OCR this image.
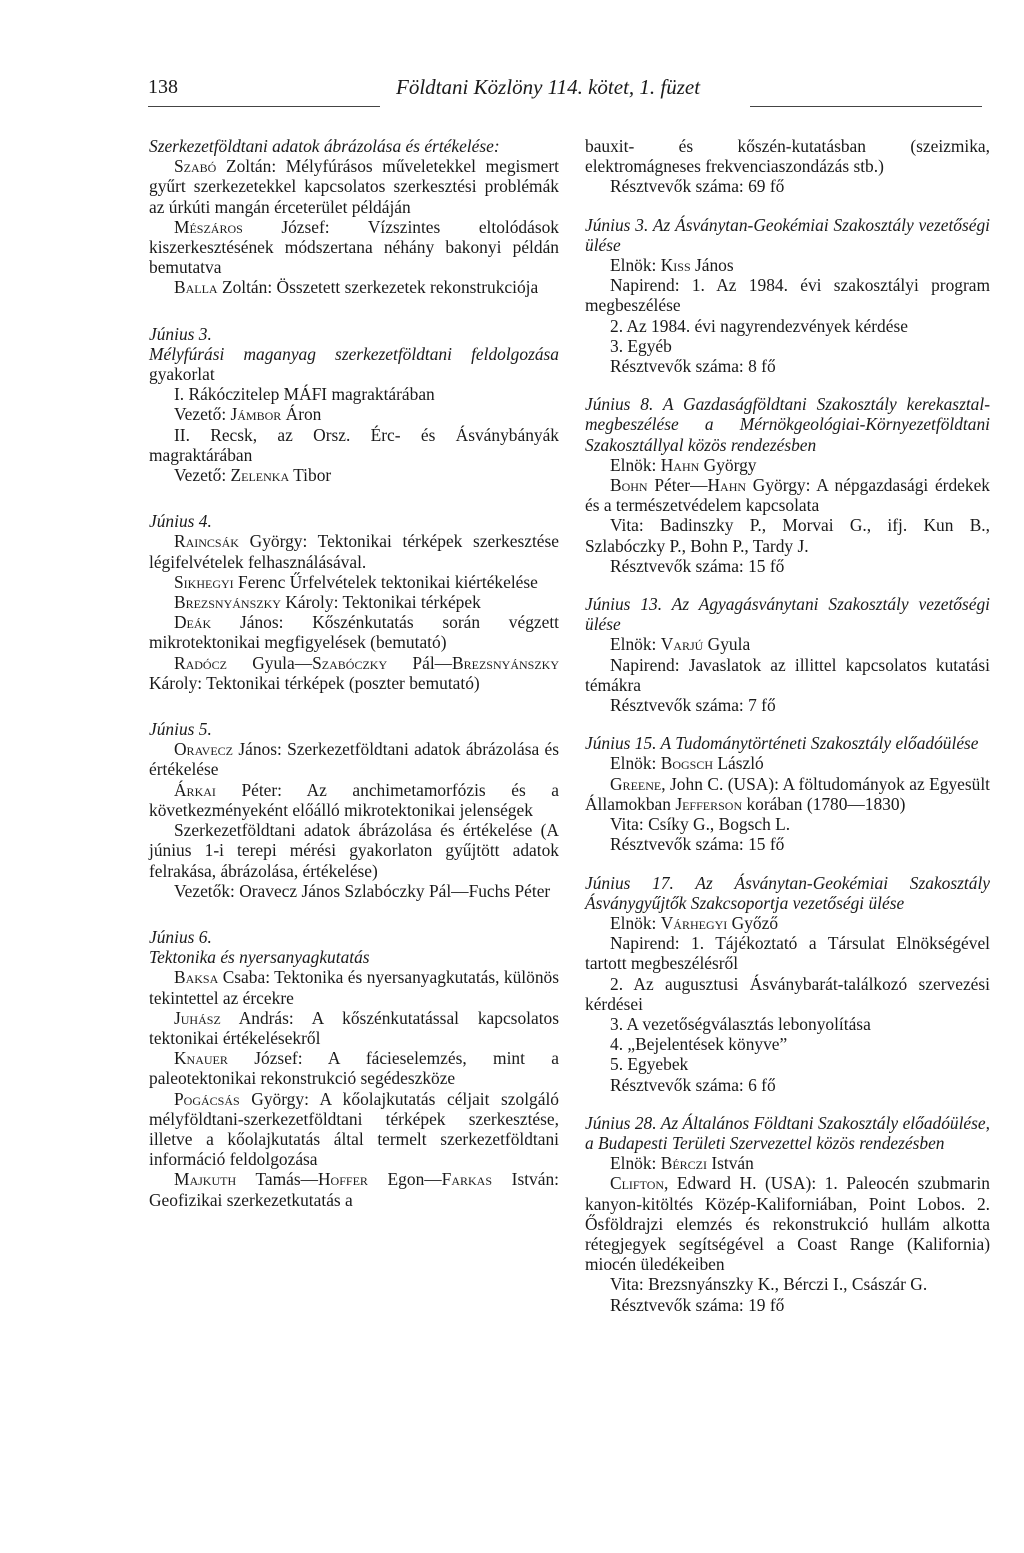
138	Földtani Közlöny 114. kötet, 1. füzet

Szerkezetföldtani adatok ábrázolása és értékelése:

Szabó Zoltán: Mélyfúrásos műveletekkel megismert gyűrt szerkezetekkel kapcsolatos szerkesztési problémák az úrkúti mangán érceterület példáján

Mészáros József: Vízszintes eltolódások kiszerkesztésének módszertana néhány bakonyi példán bemutatva

Balla Zoltán: Összetett szerkezetek rekonstrukciója

Június 3.

Mélyfúrási maganyag szerkezetföldtani feldolgozása gyakorlat

I. Rákóczitelep MÁFI magraktárában

Vezető: Jámbor Áron

II. Recsk, az Orsz. Érc- és Ásványbányák magraktárában

Vezető: Zelenka Tibor

Június 4.

Raincsák György: Tektonikai térképek szerkesztése légifelvételek felhasználásával.

Sikhegyi Ferenc Űrfelvételek tektonikai kiértékelése

Brezsnyánszky Károly: Tektonikai térképek

Deák János: Kőszénkutatás során végzett mikrotektonikai megfigyelések (bemutató)

Radócz Gyula—Szabóczky Pál—Brezsnyánszky Károly: Tektonikai térképek (poszter bemutató)

Június 5.

Oravecz János: Szerkezetföldtani adatok ábrázolása és értékelése

Árkai Péter: Az anchimetamorfózis és a következményeként előálló mikrotektonikai jelenségek

Szerkezetföldtani adatok ábrázolása és értékelése (A június 1-i terepi mérési gyakorlaton gyűjtött adatok felrakása, ábrázolása, értékelése)

Vezetők: Oravecz János Szlabóczky Pál—Fuchs Péter

Június 6.

Tektonika és nyersanyagkutatás

Baksa Csaba: Tektonika és nyersanyagkutatás, különös tekintettel az ércekre

Juhász András: A kőszénkutatással kapcsolatos tektonikai értékelésekről

Knauer József: A fácieselemzés, mint a paleotektonikai rekonstrukció segédeszköze

Pogácsás György: A kőolajkutatás céljait szolgáló mélyföldtani-szerkezetföldtani térképek szerkesztése, illetve a kőolajkutatás által termelt szerkezetföldtani információ feldolgozása

Majkuth Tamás—Hoffer Egon—Farkas István: Geofizikai szerkezetkutatás a

bauxit- és kőszén-kutatásban (szeizmika, elektromágneses frekvenciaszondázás stb.)

Résztvevők száma: 69 fő

Június 3. Az Ásványtan-Geokémiai Szakosztály vezetőségi ülése

Elnök: Kiss János

Napirend: 1. Az 1984. évi szakosztályi program megbeszélése

2. Az 1984. évi nagyrendezvények kérdése

3. Egyéb

Résztvevők száma: 8 fő

Június 8. A Gazdaságföldtani Szakosztály kerekasztal-megbeszélése a Mérnökgeológiai-Környezetföldtani Szakosztállyal közös rendezésben

Elnök: Hahn György

Bohn Péter—Hahn György: A népgazdasági érdekek és a természetvédelem kapcsolata

Vita: Badinszky P., Morvai G., ifj. Kun B., Szlabóczky P., Bohn P., Tardy J.

Résztvevők száma: 15 fő

Június 13. Az Agyagásványtani Szakosztály vezetőségi ülése

Elnök: Varjú Gyula

Napirend: Javaslatok az illittel kapcsolatos kutatási témákra

Résztvevők száma: 7 fő

Június 15. A Tudománytörténeti Szakosztály előadóülése

Elnök: Bogsch László

Greene, John C. (USA): A föltudományok az Egyesült Államokban Jefferson korában (1780—1830)

Vita: Csíky G., Bogsch L.

Résztvevők száma: 15 fő

Június 17. Az Ásványtan-Geokémiai Szakosztály Ásványgyűjtők Szakcsoportja vezetőségi ülése

Elnök: Várhegyi Győző

Napirend: 1. Tájékoztató a Társulat Elnökségével tartott megbeszélésről

2. Az augusztusi Ásványbarát-találkozó szervezési kérdései

3. A vezetőségválasztás lebonyolítása

4. „Bejelentések könyve”

5. Egyebek

Résztvevők száma: 6 fő

Június 28. Az Általános Földtani Szakosztály előadóülése, a Budapesti Területi Szervezettel közös rendezésben

Elnök: Bérczi István

Clifton, Edward H. (USA): 1. Paleocén szubmarin kanyon-kitöltés Közép-Kaliforniában, Point Lobos. 2. Ősföldrajzi elemzés és rekonstrukció hullám alkotta rétegjegyek segítségével a Coast Range (Kalifornia) miocén üledékeiben

Vita: Brezsnyánszky K., Bérczi I., Császár G.

Résztvevők száma: 19 fő
